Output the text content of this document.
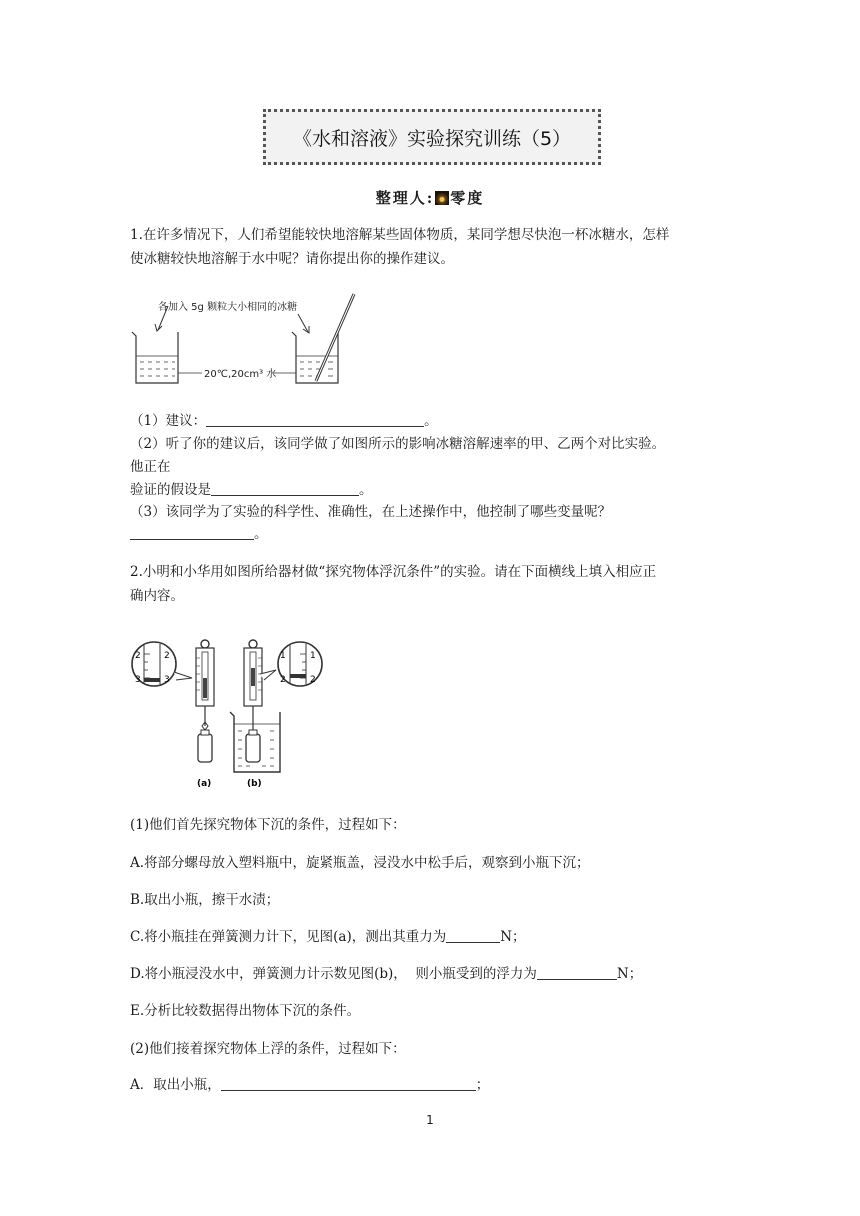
《水和溶液》实验探究训练（5）
整理人: 零度
1.在许多情况下，人们希望能较快地溶解某些固体物质，某同学想尽快泡一杯冰糖水，怎样
使冰糖较快地溶解于水中呢？请你提出你的操作建议。
各加入 5g 颗粒大小相同的冰糖
20℃,20cm³ 水
（1）建议：	。
（2）听了你的建议后，该同学做了如图所示的影响冰糖溶解速率的甲、乙两个对比实验。
他正在
验证的假设是	。
（3）该同学为了实验的科学性、准确性，在上述操作中，他控制了哪些变量呢？
。
2.小明和小华用如图所给器材做“探究物体浮沉条件”的实验。请在下面横线上填入相应正
确内容。
2
3
2
3
(a)	(b)
1
2
1
2
(1)他们首先探究物体下沉的条件，过程如下：
A.将部分螺母放入塑料瓶中，旋紧瓶盖，浸没水中松手后，观察到小瓶下沉；
B.取出小瓶，擦干水渍；
C.将小瓶挂在弹簧测力计下，见图(a)，测出其重力为	N；
D.将小瓶浸没水中，弹簧测力计示数见图(b)，  则小瓶受到的浮力为	N；
E.分析比较数据得出物体下沉的条件。
(2)他们接着探究物体上浮的条件，过程如下：
A．取出小瓶，	；
1
